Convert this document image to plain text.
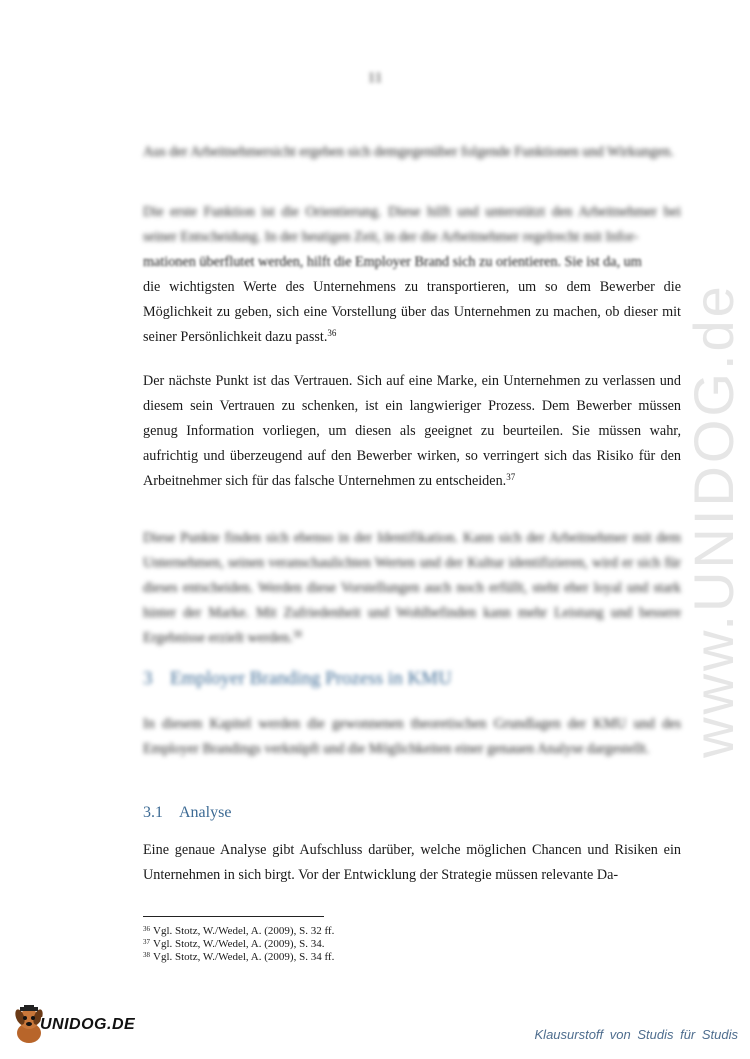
11
www.UNIDOG.de

Aus der Arbeitnehmersicht ergeben sich demgegenüber folgende Funktionen und Wirkungen.

Die erste Funktion ist die Orientierung. Diese hilft und unterstützt den Arbeitnehmer bei seiner Entscheidung. In der heutigen Zeit, in der die Arbeitnehmer regelrecht mit Infor-

mationen überflutet werden, hilft die Employer Brand sich zu orientieren. Sie ist da, um

die wichtigsten Werte des Unternehmens zu transportieren, um so dem Bewerber die Möglichkeit zu geben, sich eine Vorstellung über das Unternehmen zu machen, ob dieser mit seiner Persönlichkeit dazu passt.$^{36}$

Der nächste Punkt ist das Vertrauen. Sich auf eine Marke, ein Unternehmen zu verlassen und diesem sein Vertrauen zu schenken, ist ein langwieriger Prozess. Dem Bewerber müssen genug Information vorliegen, um diesen als geeignet zu beurteilen. Sie müssen wahr, aufrichtig und überzeugend auf den Bewerber wirken, so verringert sich das Risiko für den Arbeitnehmer sich für das falsche Unternehmen zu entscheiden.$^{37}$

Diese Punkte finden sich ebenso in der Identifikation. Kann sich der Arbeitnehmer mit dem Unternehmen, seinen veranschaulichten Werten und der Kultur identifizieren, wird er sich für dieses entscheiden. Werden diese Vorstellungen auch noch erfüllt, steht eher loyal und stark hinter der Marke. Mit Zufriedenheit und Wohlbefinden kann mehr Leistung und bessere Ergebnisse erzielt werden.$^{38}$

3 Employer Branding Prozess in KMU

In diesem Kapitel werden die gewonnenen theoretischen Grundlagen der KMU und des Employer Brandings verknüpft und die Möglichkeiten einer genauen Analyse dargestellt.

3.1 Analyse

Eine genaue Analyse gibt Aufschluss darüber, welche möglichen Chancen und Risiken ein Unternehmen in sich birgt. Vor der Entwicklung der Strategie müssen relevante Da-

$^{36}$ Vgl. Stotz, W./Wedel, A. (2009), S. 32 ff.
$^{37}$ Vgl. Stotz, W./Wedel, A. (2009), S. 34.
$^{38}$ Vgl. Stotz, W./Wedel, A. (2009), S. 34 ff.
UNIDOG.DE
Klausurstoff von Studis für Studis
